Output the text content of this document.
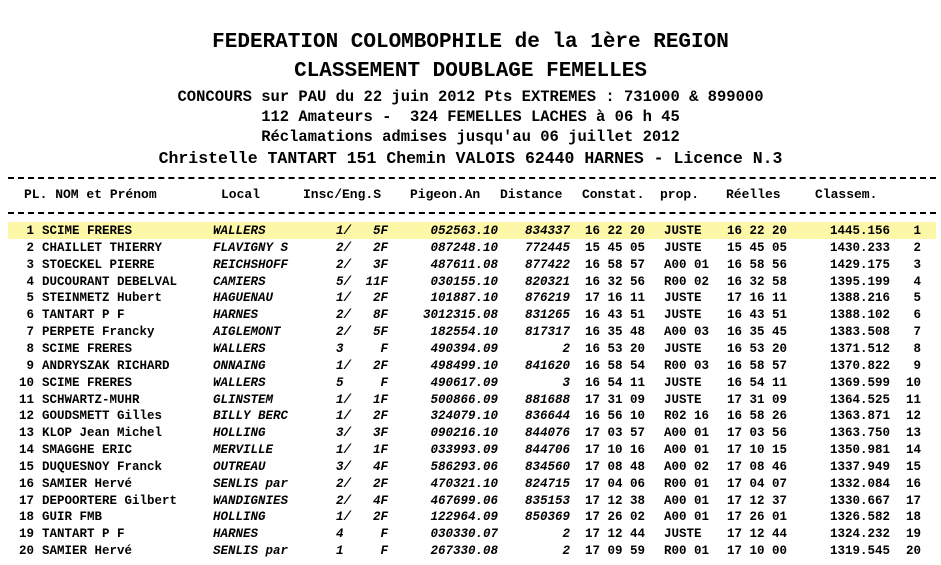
FEDERATION COLOMBOPHILE de la 1ère REGION
CLASSEMENT DOUBLAGE FEMELLES
CONCOURS sur PAU du 22 juin 2012 Pts EXTREMES : 731000 & 899000
112 Amateurs -  324 FEMELLES LACHES à 06 h 45
Réclamations admises jusqu'au 06 juillet 2012
Christelle TANTART 151 Chemin VALOIS 62440 HARNES - Licence N.3
PL. NOM et Prénom	Local	Insc/Eng.S Pigeon.An Distance Constat. prop. Réelles	Classem.
1 SCIME FRERES	WALLERS	1/	5F	052563.10	834337 16 22 20 JUSTE 16 22 20	1445.156	1
2 CHAILLET THIERRY	FLAVIGNY S	2/	2F	087248.10	772445 15 45 05 JUSTE 15 45 05	1430.233	2
3 STOECKEL PIERRE	REICHSHOFF	2/	3F	487611.08	877422 16 58 57 A00 01 16 58 56	1429.175	3
4 DUCOURANT DEBELVAL	CAMIERS	5/	11F	030155.10	820321 16 32 56 R00 02 16 32 58	1395.199	4
5 STEINMETZ Hubert	HAGUENAU	1/	2F	101887.10	876219 17 16 11 JUSTE 17 16 11	1388.216	5
6 TANTART P F	HARNES	2/	8F	3012315.08	831265 16 43 51 JUSTE 16 43 51	1388.102	6
7 PERPETE Francky	AIGLEMONT	2/	5F	182554.10	817317 16 35 48 A00 03 16 35 45	1383.508	7
8 SCIME FRERES	WALLERS	3	F	490394.09	2 16 53 20 JUSTE 16 53 20	1371.512	8
9 ANDRYSZAK RICHARD	ONNAING	1/	2F	498499.10	841620 16 58 54 R00 03 16 58 57	1370.822	9
10 SCIME FRERES	WALLERS	5	F	490617.09	3 16 54 11 JUSTE 16 54 11	1369.599	10
11 SCHWARTZ-MUHR	GLINSTEM	1/	1F	500866.09	881688 17 31 09 JUSTE 17 31 09	1364.525	11
12 GOUDSMETT Gilles	BILLY BERC	1/	2F	324079.10	836644 16 56 10 R02 16 16 58 26	1363.871	12
13 KLOP Jean Michel	HOLLING	3/	3F	090216.10	844076 17 03 57 A00 01 17 03 56	1363.750	13
14 SMAGGHE ERIC	MERVILLE	1/	1F	033993.09	844706 17 10 16 A00 01 17 10 15	1350.981	14
15 DUQUESNOY Franck	OUTREAU	3/	4F	586293.06	834560 17 08 48 A00 02 17 08 46	1337.949	15
16 SAMIER Hervé	SENLIS par	2/	2F	470321.10	824715 17 04 06 R00 01 17 04 07	1332.084	16
17 DEPOORTERE Gilbert	WANDIGNIES	2/	4F	467699.06	835153 17 12 38 A00 01 17 12 37	1330.667	17
18 GUIR FMB	HOLLING	1/	2F	122964.09	850369 17 26 02 A00 01 17 26 01	1326.582	18
19 TANTART P F	HARNES	4	F	030330.07	2 17 12 44 JUSTE 17 12 44	1324.232	19
20 SAMIER Hervé	SENLIS par	1	F	267330.08	2 17 09 59 R00 01 17 10 00	1319.545	20
